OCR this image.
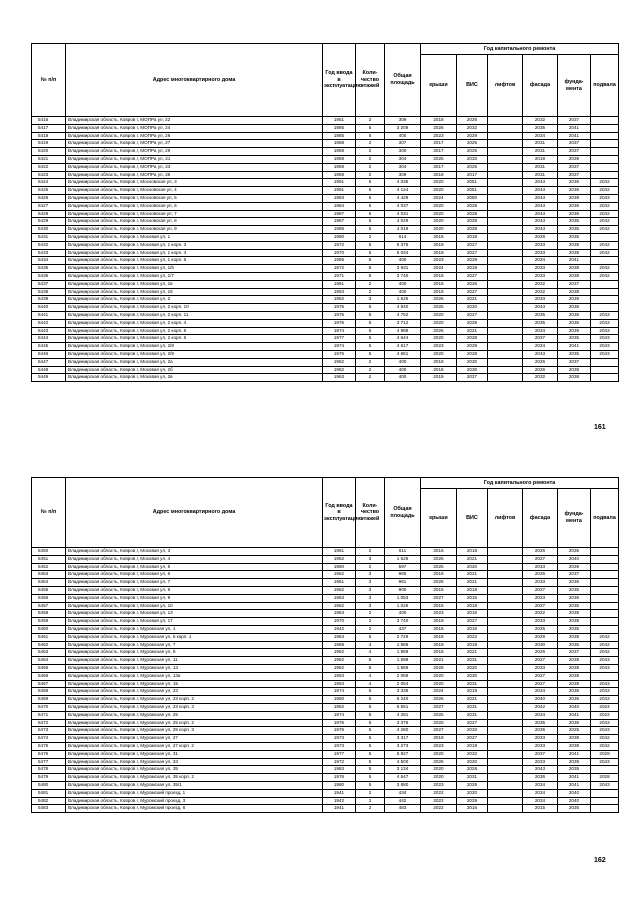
№ п/п	Адрес многоквартирного дома	Год ввода в эксплуатацию	Коли- чество этажей	Общая площадь	Год капитального ремонта					
					крыши	ВИС	лифтов	фасада	фунда- мента	подвала
5416	Владимирская область, Ковров г, МОПРа ул, 22	1951	2	309	2018	2026		2032	2037	
5417	Владимирская область, Ковров г, МОПРа ул, 24	1985	5	3 209	2026	2032		2035	2041	
5418	Владимирская область, Ковров г, МОПРа ул, 26	1985	5	400	2023	2029		2034	2041	
5419	Владимирская область, Ковров г, МОПРа ул, 27	1958	2	307	2017	2025		2031	2037	
5420	Владимирская область, Ковров г, МОПРа ул, 29	1958	2	300	2017	2025		2031	2037	
5421	Владимирская область, Ковров г, МОПРа ул, 31	1958	2	304	2025	2033		2019	2039	
5422	Владимирская область, Ковров г, МОПРа ул, 33	1958	2	304	2017	2025		2031	2037	
5423	Владимирская область, Ковров г, МОПРа ул, 35	1958	2	309	2018	2017		2031	2037	
5424	Владимирская область, Ковров г, Московская ул, 3	1991	5	4 035	2020	2051		2043	2036	2042
5425	Владимирская область, Ковров г, Московская ул, 4	1991	5	4 124	2020	2051		2043	2036	2042
5426	Владимирская область, Ковров г, Московская ул, 5	1983	5	4 429	2024	2050		2043	2039	2043
5427	Владимирская область, Ковров г, Московская ул, 6	1984	5	4 037	2020	2028		2043	2036	2042
5428	Владимирская область, Ковров г, Московская ул, 7	1987	5	4 031	2020	2028		2043	2036	2042
5429	Владимирская область, Ковров г, Московская ул, 8	1987	5	4 029	2020	2028		2043	2036	2042
5430	Владимирская область, Ковров г, Московская ул, 9	1986	5	4 019	2020	2028		2043	2036	2042
5431	Владимирская область, Ковров г, Моховая ул, 1	1960	2	614	2016	2018		2028	2035	
5432	Владимирская область, Ковров г, Моховая ул, 1 корп. 3	1972	5	6 375	2019	2027		2033	2038	2042
5433	Владимирская область, Ковров г, Моховая ул, 1 корп. 4	1970	5	5 034	2019	2027		2033	2038	2042
5434	Владимирская область, Ковров г, Моховая ул, 1 корп. 6	1955	5	400	2023	2029		2034	2041	
5435	Владимирская область, Ковров г, Моховая ул, 1/5	1972	5	3 631	2024	2019		2033	2038	2042
5436	Владимирская область, Ковров г, Моховая ул, 1/7	1971	5	3 740	2018	2027		2033	2038	2042
5437	Владимирская область, Ковров г, Моховая ул, 1в	1961	2	400	2018	2026		2032	2037	
5438	Владимирская область, Ковров г, Моховая ул, 16	1963	2	400	2019	2027		2032	2038	
5439	Владимирская область, Ковров г, Моховая ул, 2	1962	3	1 525	2026	2021		2033	2039	
5440	Владимирская область, Ковров г, Моховая ул, 2 корп. 10	1975	5	4 940	2025	2020		2043	2038	
5441	Владимирская область, Ковров г, Моховая ул, 2 корп. 11	1975	5	4 752	2020	2027		2035	2038	2043
5442	Владимирская область, Ковров г, Моховая ул, 2 корп. 4	1976	5	3 712	2020	2028		2035	2035	2043
5443	Владимирская область, Ковров г, Моховая ул, 2 корп. 5	1974	5	4 988	2026	2021		2034	2039	2043
5444	Владимирская область, Ковров г, Моховая ул, 2 корп. 6	1977	5	4 644	2020	2028		2037	2035	2043
5445	Владимирская область, Ковров г, Моховая ул, 2/8	1974	5	4 617	2023	2029		2034	2041	2043
5446	Владимирская область, Ковров г, Моховая ул, 2/9	1975	5	4 651	2020	2028		2043	2035	2043
5447	Владимирская область, Ковров г, Моховая ул, 2а	1962	2	400	2018	2030		2026	2037	
5448	Владимирская область, Ковров г, Моховая ул, 2б	1962	2	400	2018	2030		2026	2038	
5449	Владимирская область, Ковров г, Моховая ул, 2в	1963	2	400	2019	2027		2032	2038	
161
№ п/п	Адрес многоквартирного дома	Год ввода в эксплуатацию	Коли- чество этажей	Общая площадь	Год капитального ремонта					
					крыши	ВИС	лифтов	фасада	фунда- мента	подвала
5450	Владимирская область, Ковров г, Моховая ул, 3	1961	2	611	2015	2018		2026	2035	
5451	Владимирская область, Ковров г, Моховая ул, 4	1962	3	1 625	2026	2021		2027	2040	
5452	Владимирская область, Ковров г, Моховая ул, 5	1960	2	597	2025	2020		2033	2039	
5453	Владимирская область, Ковров г, Моховая ул, 6	1962	3	965	2018	2021		2026	2037	
5454	Владимирская область, Ковров г, Моховая ул, 7	1961	3	961	2026	2021		2033	2036	
5455	Владимирская область, Ковров г, Моховая ул, 8	1962	3	900	2015	2018		2027	2035	
5456	Владимирская область, Ковров г, Моховая ул, 9	1963	3	1 053	2027	2015		2023	2036	
5457	Владимирская область, Ковров г, Моховая ул, 10	1962	3	1 026	2015	2018		2027	2035	
5458	Владимирская область, Ковров г, Моховая ул, 13	1963	2	400	2023	2016		2022	2038	
5459	Владимирская область, Ковров г, Моховая ул, 17	1970	2	3 740	2019	2027		2033	2038	
5460	Владимирская область, Ковров г, Муромская ул, 1	1942	2	437	2016	2016		2025	2035	
5461	Владимирская область, Ковров г, Муромская ул, 5 корп. 1	1963	5	2 729	2018	2022		2029	2038	2042
5462	Владимирская область, Ковров г, Муромская ул, 7	1969	4	1 986	2019	2019		2030	2036	2042
5463	Владимирская область, Ковров г, Муромская ул, 9	1962	4	1 969	2018	2021		2026	2037	2042
5464	Владимирская область, Ковров г, Муромская ул, 11	1962	5	1 598	2021	2031		2027	2039	2043
5465	Владимирская область, Ковров г, Муромская ул, 13	1962	5	1 569	2029	2020		2033	2039	2043
5466	Владимирская область, Ковров г, Муромская ул, 13а	1963	4	2 059	2020	2030		2027	2039	
5467	Владимирская область, Ковров г, Муромская ул, 15	1963	4	2 054	2020	2031		2027	2039	2043
5468	Владимирская область, Ковров г, Муромская ул, 23	1974	5	3 336	2024	2019		2034	2038	2043
5469	Владимирская область, Ковров г, Муромская ул, 23 корп. 2	1960	5	5 240	2026	2021		2040	2036	2043
5470	Владимирская область, Ковров г, Муромская ул, 23 корп. 3	1962	5	5 551	2027	2031		2042	2040	2024
5471	Владимирская область, Ковров г, Муромская ул, 25	1974	5	4 281	2025	2031		2034	2041	2022
5472	Владимирская область, Ковров г, Муромская ул, 25 корп. 2	1976	5	3 376	2020	2027		2035	2038	2043
5473	Владимирская область, Ковров г, Муромская ул, 25 корп. 3	1976	5	4 280	2027	2033		2036	2025	2043
5474	Владимирская область, Ковров г, Муромская ул, 27	1973	5	3 317	2019	2027		2033	2038	2042
5475	Владимирская область, Ковров г, Муромская ул, 27 корп. 2	1973	5	3 273	2023	2019		2033	2038	2042
5476	Владимирская область, Ковров г, Муромская ул, 31	1977	5	5 927	2020	2032		2037	2041	2029
5477	Владимирская область, Ковров г, Муромская ул, 33	1972	5	4 500	2026	2020		2033	2039	2043
5478	Владимирская область, Ковров г, Муромская ул, 35	1983	5	3 134	2020	2028		2043	2035	
5479	Владимирская область, Ковров г, Муромская ул, 35 корп. 2	1976	5	4 547	2020	2031		2036	2041	2028
5480	Владимирская область, Ковров г, Муромская ул, 35/1	1980	5	3 880	2023	2029		2034	2041	2043
5481	Владимирская область, Ковров г, Муромский проезд, 1	1941	2	434	2022	2020		2034	2040	
5482	Владимирская область, Ковров г, Муромский проезд, 3	1942	2	442	2022	2029		2034	2040	
5483	Владимирская область, Ковров г, Муромский проезд, 6	1941	2	483	2022	2016		2015	2035	
162
